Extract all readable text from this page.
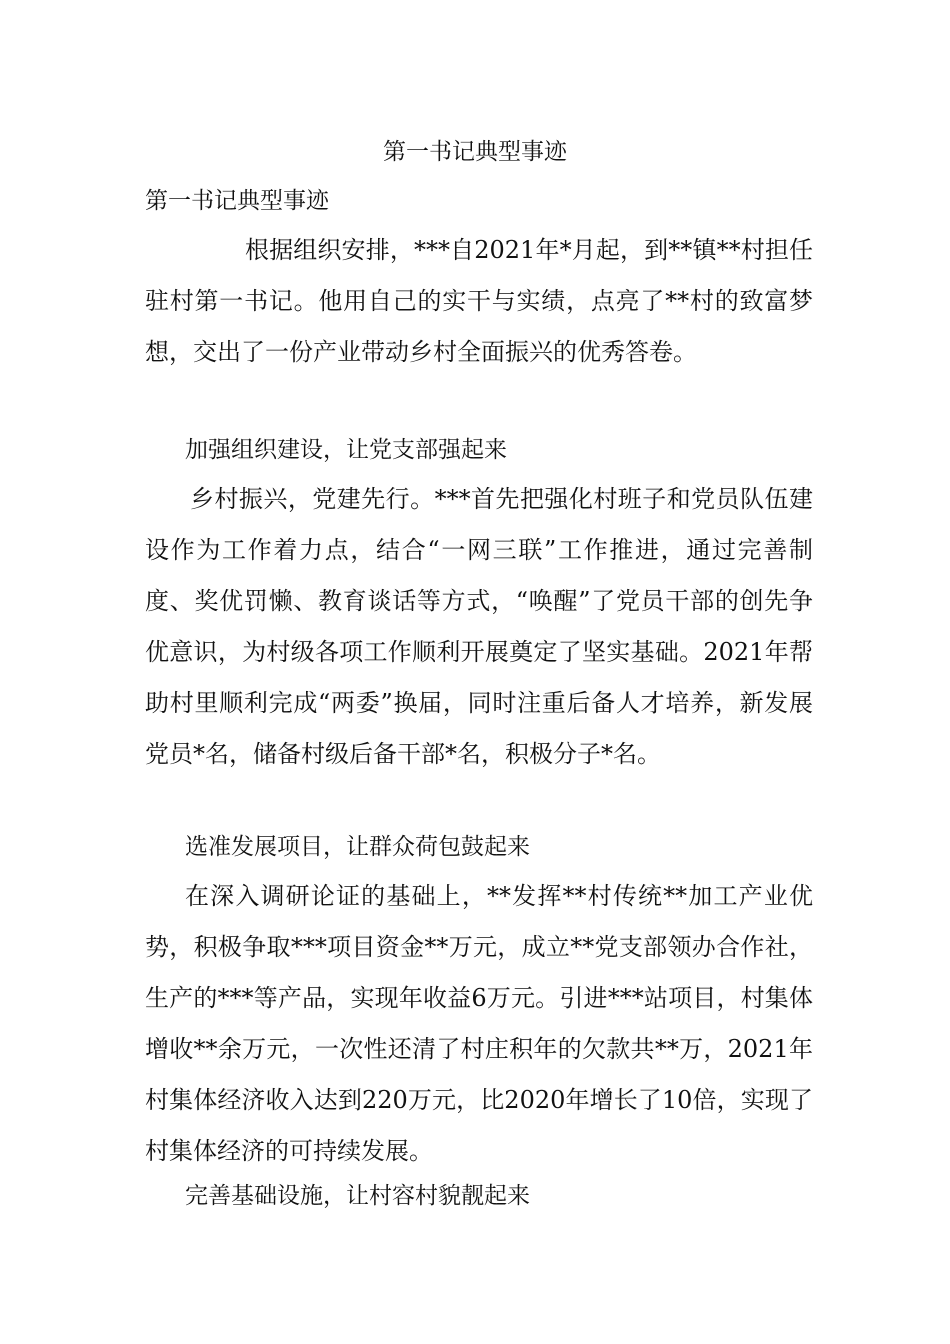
第一书记典型事迹
第一书记典型事迹

根据组织安排，***自2021年*月起，到**镇**村担任驻村第一书记。他用自己的实干与实绩，点亮了**村的致富梦想，交出了一份产业带动乡村全面振兴的优秀答卷。

加强组织建设，让党支部强起来

乡村振兴，党建先行。***首先把强化村班子和党员队伍建设作为工作着力点，结合“一网三联”工作推进，通过完善制度、奖优罚懒、教育谈话等方式，“唤醒”了党员干部的创先争优意识，为村级各项工作顺利开展奠定了坚实基础。2021年帮助村里顺利完成“两委”换届，同时注重后备人才培养，新发展党员*名，储备村级后备干部*名，积极分子*名。

选准发展项目，让群众荷包鼓起来

在深入调研论证的基础上，**发挥**村传统**加工产业优势，积极争取***项目资金**万元，成立**党支部领办合作社，生产的***等产品，实现年收益6万元。引进***站项目，村集体增收**余万元，一次性还清了村庄积年的欠款共**万，2021年村集体经济收入达到220万元，比2020年增长了10倍，实现了村集体经济的可持续发展。

完善基础设施，让村容村貌靓起来
